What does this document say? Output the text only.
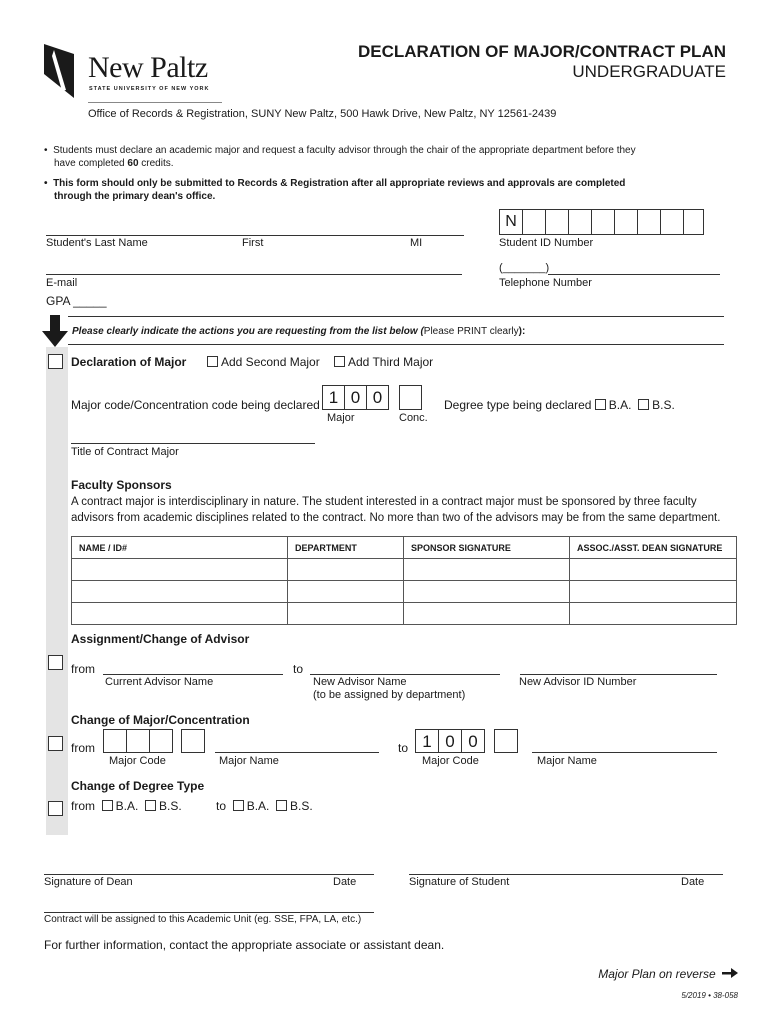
New Paltz
STATE UNIVERSITY OF NEW YORK
DECLARATION OF MAJOR/CONTRACT PLAN
UNDERGRADUATE
Office of Records & Registration, SUNY New Paltz, 500 Hawk Drive, New Paltz, NY 12561-2439
•  Students must declare an academic major and request a faculty advisor through the chair of the appropriate department before they
have completed 60 credits.
•  This form should only be submitted to Records & Registration after all appropriate reviews and approvals are completed
through the primary dean's office.
Student's Last Name	First	MI
N
Student ID Number
E-mail
(_______)
Telephone Number
GPA _____
Please clearly indicate the actions you are requesting from the list below (Please PRINT clearly):
Declaration of Major	Add Second Major	Add Third Major
Major code/Concentration code being declared 1 0 0
Major	Conc.
Degree type being declared B.A. B.S.
Title of Contract Major
Faculty Sponsors
A contract major is interdisciplinary in nature. The student interested in a contract major must be sponsored by three faculty
advisors from academic disciplines related to the contract. No more than two of the advisors may be from the same department.
NAME / ID#	DEPARTMENT	SPONSOR SIGNATURE	ASSOC./ASST. DEAN SIGNATURE

Assignment/Change of Advisor
from
Current Advisor Name
to
New Advisor Name
(to be assigned by department)
New Advisor ID Number
Change of Major/Concentration
from
Major Code	Major Name
to 1 0 0
Major Code	Major Name
Change of Degree Type
from B.A. B.S.	to B.A. B.S.
Signature of Dean	Date	Signature of Student	Date
Contract will be assigned to this Academic Unit (eg. SSE, FPA, LA, etc.)
For further information, contact the appropriate associate or assistant dean.
Major Plan on reverse
5/2019 • 38-058
